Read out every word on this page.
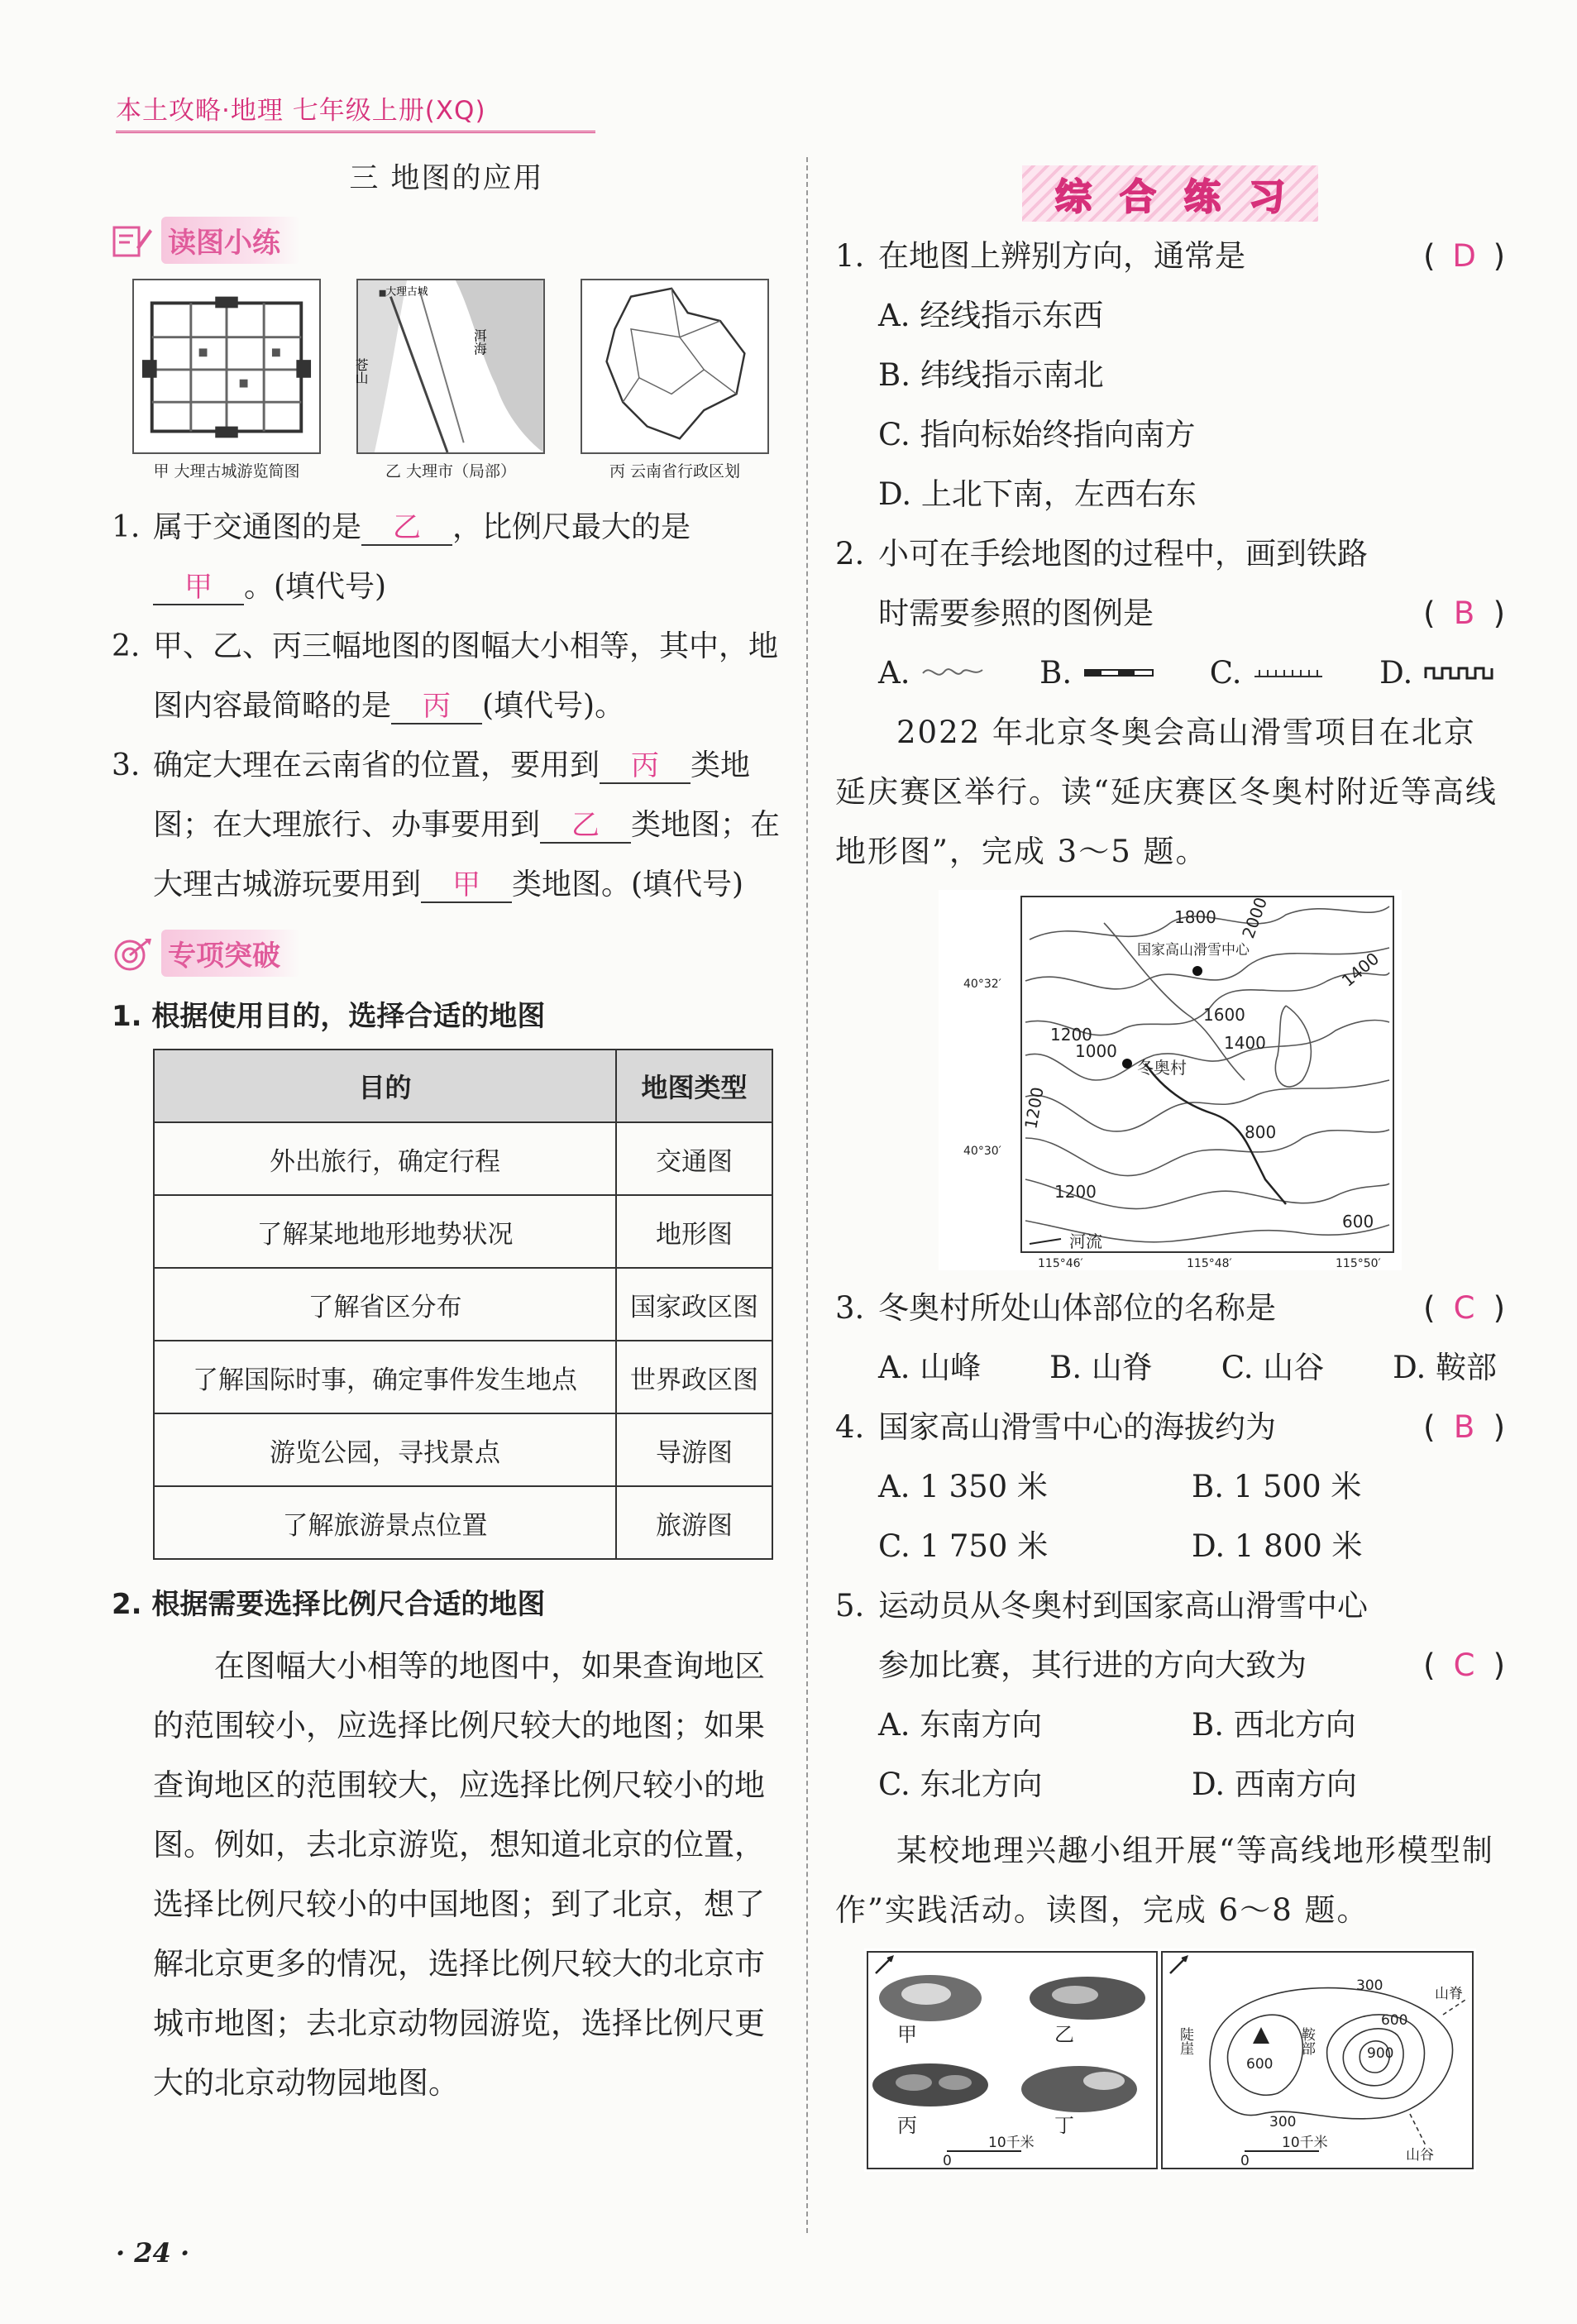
本土攻略·地理 七年级上册(XQ)
三 地图的应用
读图小练
甲 大理古城游览简图
大理古城
苍山
洱海
乙 大理市（局部）	丙 云南省行政区划
1. 属于交通图的是 乙 ，比例尺最大的是
甲 。(填代号)
2. 甲、乙、丙三幅地图的图幅大小相等，其中，地图内容最简略的是 丙 (填代号)。
3. 确定大理在云南省的位置，要用到 丙 类地图；在大理旅行、办事要用到 乙 类地图；在大理古城游玩要用到 甲 类地图。(填代号)
专项突破
1. 根据使用目的，选择合适的地图
目的	地图类型
外出旅行，确定行程	交通图
了解某地地形地势状况	地形图
了解省区分布	国家政区图
了解国际时事，确定事件发生地点	世界政区图
游览公园，寻找景点	导游图
了解旅游景点位置	旅游图
2. 根据需要选择比例尺合适的地图
在图幅大小相等的地图中，如果查询地区的范围较小，应选择比例尺较大的地图；如果查询地区的范围较大，应选择比例尺较小的地图。例如，去北京游览，想知道北京的位置，选择比例尺较小的中国地图；到了北京，想了解北京更多的情况，选择比例尺较大的北京市城市地图；去北京动物园游览，选择比例尺更大的北京动物园地图。
· 24 ·
综合练习
1. 在地图上辨别方向，通常是	( D )
A. 经线指示东西
B. 纬线指示南北
C. 指向标始终指向南方
D. 上北下南，左西右东
2. 小可在手绘地图的过程中，画到铁路时需要参照的图例是	( B )
A.	B.	C.	D.
2022 年北京冬奥会高山滑雪项目在北京延庆赛区举行。读“延庆赛区冬奥村附近等高线地形图”，完成 3～5 题。
国家高山滑雪中心
冬奥村
河流
1800 2000
1600
1400
1400
1200
1000
1200
800
1200
600
40°32′
40°30′
115°46′	115°48′	115°50′
3. 冬奥村所处山体部位的名称是	( C )
A. 山峰 B. 山脊 C. 山谷 D. 鞍部
4. 国家高山滑雪中心的海拔约为	( B )
A. 1 350 米	B. 1 500 米
C. 1 750 米	D. 1 800 米
5. 运动员从冬奥村到国家高山滑雪中心参加比赛，其行进的方向大致为	( C )
A. 东南方向	B. 西北方向
C. 东北方向	D. 西南方向
某校地理兴趣小组开展“等高线地形模型制作”实践活动。读图，完成 6～8 题。
甲	乙
丙	丁
0
10千米
300
600
900
600
300
陡崖	鞍部
山脊
山谷
0
10千米
